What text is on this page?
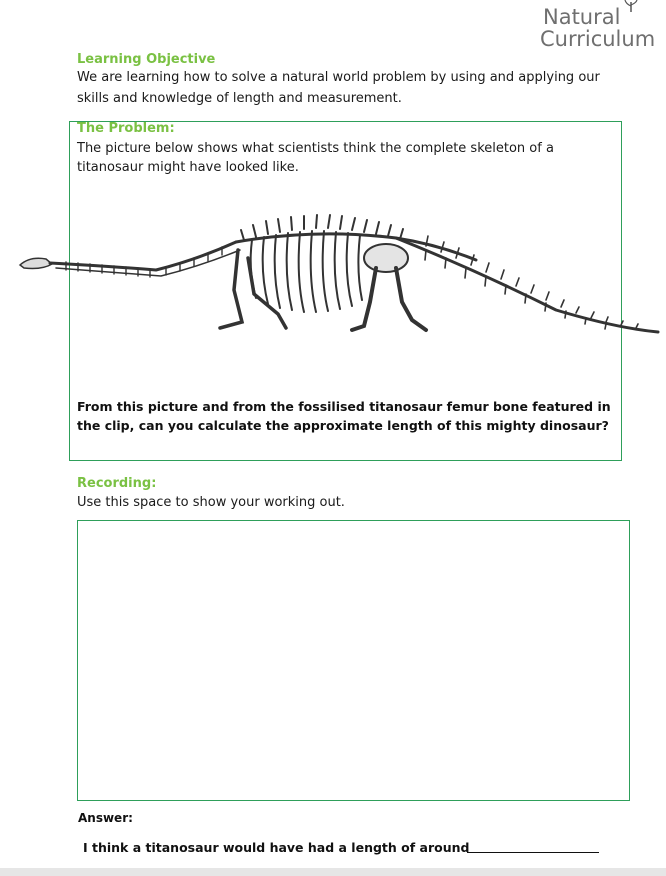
Natural
Curriculum
Learning Objective
We are learning how to solve a natural world problem by using and applying our
skills and knowledge of length and measurement.
The Problem:
The picture below shows what scientists think the complete skeleton of a
titanosaur might have looked like.
From this picture and from the fossilised titanosaur femur bone featured in
the clip, can you calculate the approximate length of this mighty dinosaur?
Recording:
Use this space to show your working out.
Answer:
I think a titanosaur would have had a length of around
